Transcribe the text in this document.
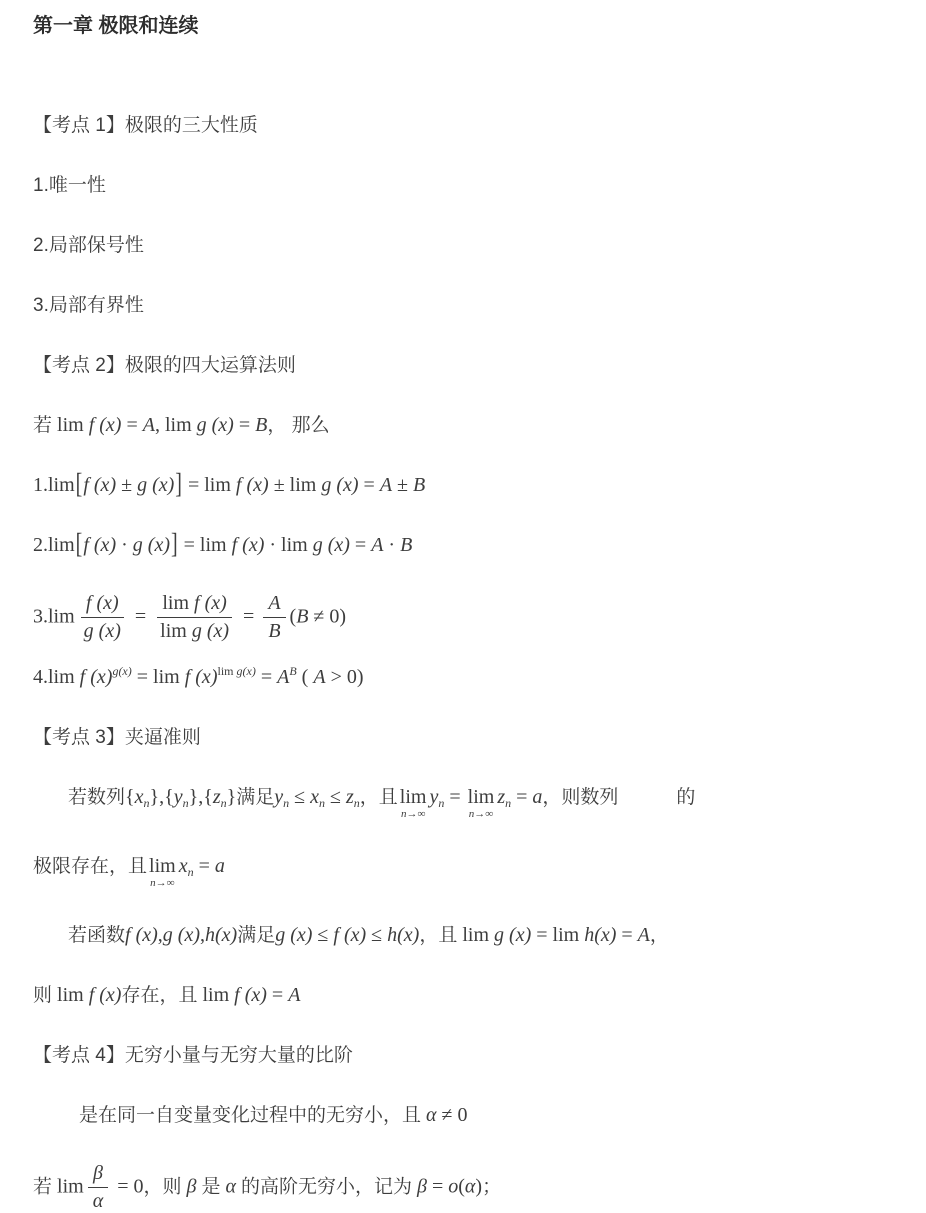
第一章 极限和连续

【考点 1】极限的三大性质

1.唯一性

2.局部保号性

3.局部有界性

【考点 2】极限的四大运算法则

若 lim f (x) = A, lim g (x) = B， 那么

1.lim[f (x) ± g (x)] = lim f (x) ± lim g (x) = A ± B

2.lim[f (x) · g (x)] = lim f (x) · lim g (x) = A · B

$3.\lim \frac{f (x)}{g (x)} = \frac{\text{lim f (x)}}{\text{lim g (x)}} = \frac{A}{B} (B \ne 0)$

4.lim f $(x)^{g(x)} = \lim f$ $(x)^{lim g(x)} = A^B$ ( A > 0)

【考点 3】夹逼准则

若数列$\{x_n\},\{y_n\},\{z_n\}$满足$y_n \le x_n \le z_n$，且 lim
n→∞
$y_n = \lim$
n→∞
$z_n = a$，则数列	的

极限存在，且 lim
n→∞
$x_n = a$

若函数f (x),g (x),h(x)满足g (x) ≤ f (x) ≤ h(x)，且 lim g (x) = lim h(x) = A，

则 lim f (x)存在，且 lim f (x) = A

【考点 4】无穷小量与无穷大量的比阶

是在同一自变量变化过程中的无穷小，且 α ≠ 0

若 $\lim \frac{\beta}{\alpha} = 0$，则 β 是 α 的高阶无穷小，记为 β = o(α)；
